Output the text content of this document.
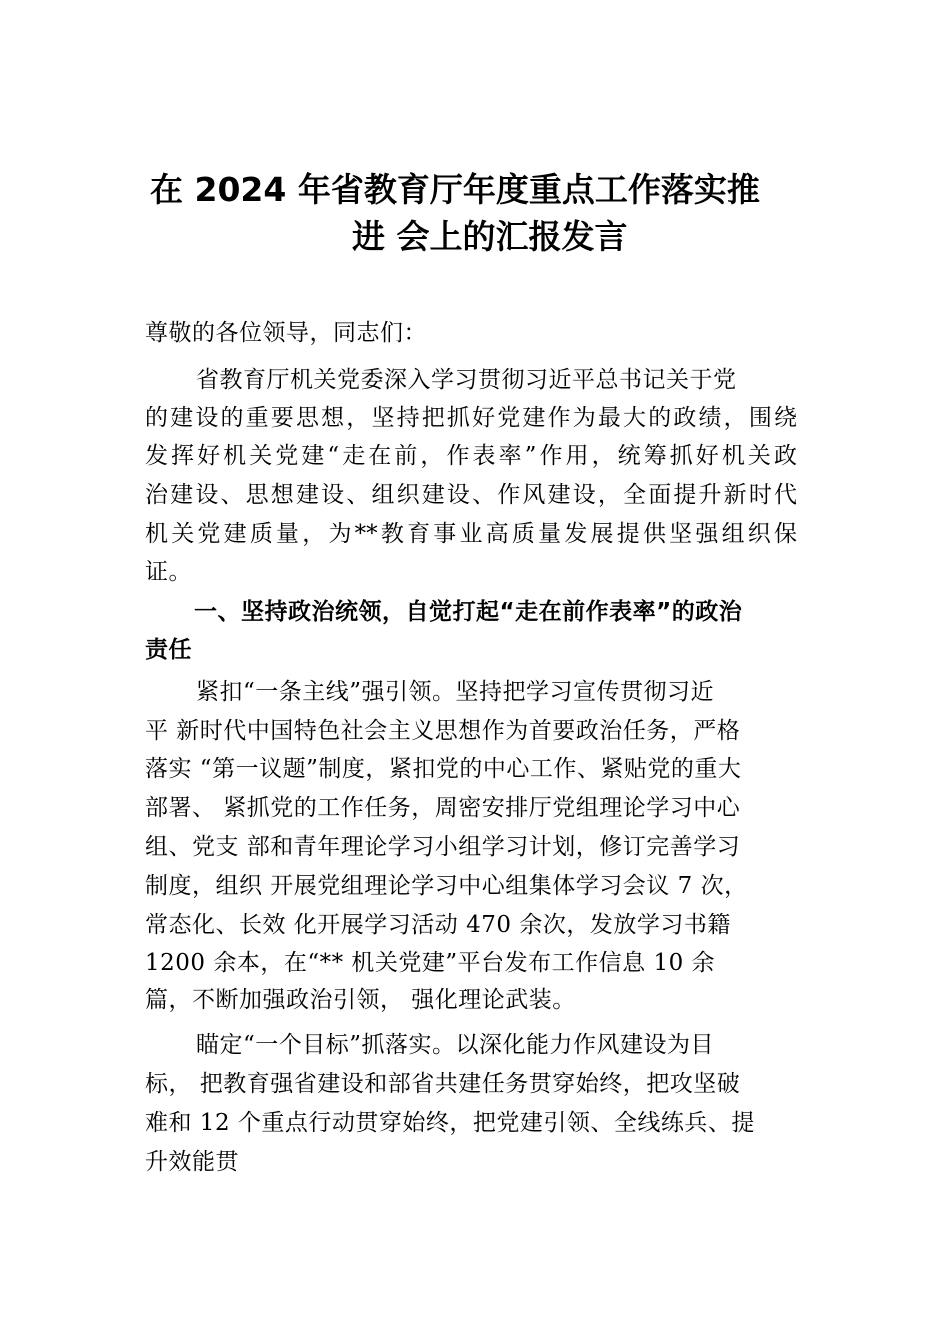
在 2024 年省教育厅年度重点工作落实推
进 会上的汇报发言
尊敬的各位领导，同志们：
省教育厅机关党委深入学习贯彻习近平总书记关于党
的建设的重要思想，坚持把抓好党建作为最大的政绩，围绕
发挥好机关党建“走在前，作表率”作用，统筹抓好机关政
治建设、思想建设、组织建设、作风建设，全面提升新时代
机关党建质量，为**教育事业高质量发展提供坚强组织保
证。
一、坚持政治统领，自觉打起“走在前作表率”的政治
责任
紧扣“一条主线”强引领。坚持把学习宣传贯彻习近
平 新时代中国特色社会主义思想作为首要政治任务，严格
落实 “第一议题”制度，紧扣党的中心工作、紧贴党的重大
部署、 紧抓党的工作任务，周密安排厅党组理论学习中心
组、党支 部和青年理论学习小组学习计划，修订完善学习
制度，组织 开展党组理论学习中心组集体学习会议 7 次，
常态化、长效 化开展学习活动 470 余次，发放学习书籍
1200 余本，在“** 机关党建”平台发布工作信息 10 余
篇，不断加强政治引领， 强化理论武装。
瞄定“一个目标”抓落实。以深化能力作风建设为目
标， 把教育强省建设和部省共建任务贯穿始终，把攻坚破
难和 12 个重点行动贯穿始终，把党建引领、全线练兵、提
升效能贯
